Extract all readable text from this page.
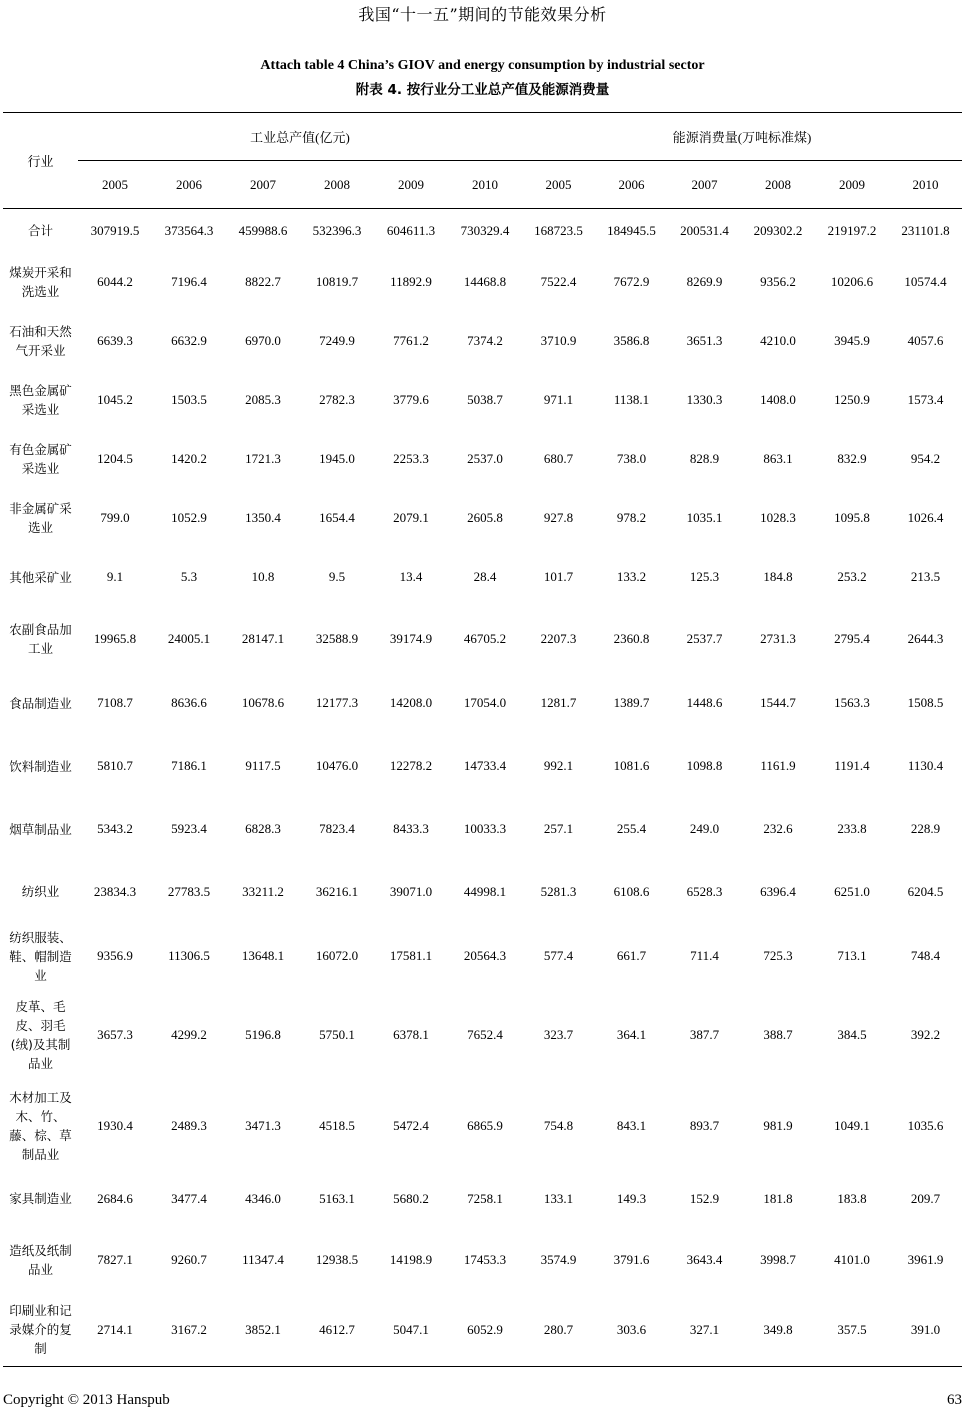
我国“十一五”期间的节能效果分析
Attach table 4 China’s GIOV and energy consumption by industrial sector
附表 4. 按行业分工业总产值及能源消费量
行业	工业总产值(亿元)						能源消费量(万吨标准煤)					
	2005	2006	2007	2008	2009	2010	2005	2006	2007	2008	2009	2010
合计	307919.5	373564.3	459988.6	532396.3	604611.3	730329.4	168723.5	184945.5	200531.4	209302.2	219197.2	231101.8
煤炭开采和洗选业	6044.2	7196.4	8822.7	10819.7	11892.9	14468.8	7522.4	7672.9	8269.9	9356.2	10206.6	10574.4
石油和天然气开采业	6639.3	6632.9	6970.0	7249.9	7761.2	7374.2	3710.9	3586.8	3651.3	4210.0	3945.9	4057.6
黑色金属矿采选业	1045.2	1503.5	2085.3	2782.3	3779.6	5038.7	971.1	1138.1	1330.3	1408.0	1250.9	1573.4
有色金属矿采选业	1204.5	1420.2	1721.3	1945.0	2253.3	2537.0	680.7	738.0	828.9	863.1	832.9	954.2
非金属矿采选业	799.0	1052.9	1350.4	1654.4	2079.1	2605.8	927.8	978.2	1035.1	1028.3	1095.8	1026.4
其他采矿业	9.1	5.3	10.8	9.5	13.4	28.4	101.7	133.2	125.3	184.8	253.2	213.5
农副食品加工业	19965.8	24005.1	28147.1	32588.9	39174.9	46705.2	2207.3	2360.8	2537.7	2731.3	2795.4	2644.3
食品制造业	7108.7	8636.6	10678.6	12177.3	14208.0	17054.0	1281.7	1389.7	1448.6	1544.7	1563.3	1508.5
饮料制造业	5810.7	7186.1	9117.5	10476.0	12278.2	14733.4	992.1	1081.6	1098.8	1161.9	1191.4	1130.4
烟草制品业	5343.2	5923.4	6828.3	7823.4	8433.3	10033.3	257.1	255.4	249.0	232.6	233.8	228.9
纺织业	23834.3	27783.5	33211.2	36216.1	39071.0	44998.1	5281.3	6108.6	6528.3	6396.4	6251.0	6204.5
纺织服装、鞋、帽制造业	9356.9	11306.5	13648.1	16072.0	17581.1	20564.3	577.4	661.7	711.4	725.3	713.1	748.4
皮革、毛皮、羽毛(绒)及其制品业	3657.3	4299.2	5196.8	5750.1	6378.1	7652.4	323.7	364.1	387.7	388.7	384.5	392.2
木材加工及木、竹、藤、棕、草制品业	1930.4	2489.3	3471.3	4518.5	5472.4	6865.9	754.8	843.1	893.7	981.9	1049.1	1035.6
家具制造业	2684.6	3477.4	4346.0	5163.1	5680.2	7258.1	133.1	149.3	152.9	181.8	183.8	209.7
造纸及纸制品业	7827.1	9260.7	11347.4	12938.5	14198.9	17453.3	3574.9	3791.6	3643.4	3998.7	4101.0	3961.9
印刷业和记录媒介的复制	2714.1	3167.2	3852.1	4612.7	5047.1	6052.9	280.7	303.6	327.1	349.8	357.5	391.0
Copyright © 2013 Hanspub	63
